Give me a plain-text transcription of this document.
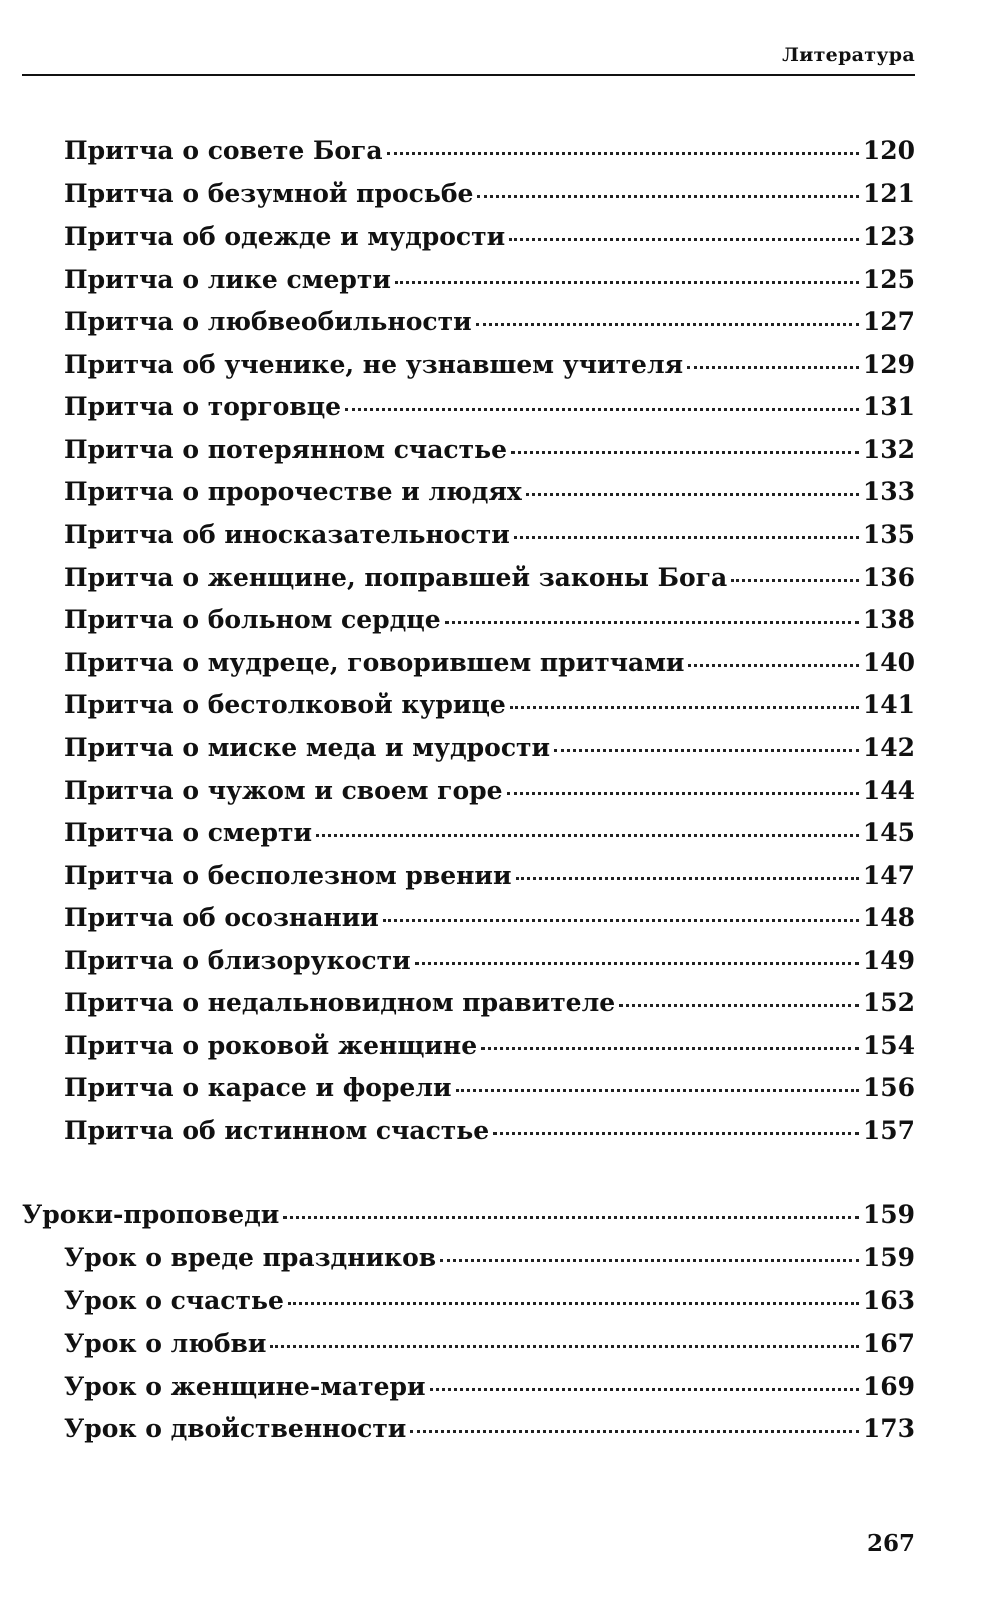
Литература
Притча о совете Бога	120
Притча о безумной просьбе	121
Притча об одежде и мудрости	123
Притча о лике смерти	125
Притча о любвеобильности	127
Притча об ученике, не узнавшем учителя	129
Притча о торговце	131
Притча о потерянном счастье	132
Притча о пророчестве и людях	133
Притча об иносказательности	135
Притча о женщине, поправшей законы Бога	136
Притча о больном сердце	138
Притча о мудреце, говорившем притчами	140
Притча о бестолковой курице	141
Притча о миске меда и мудрости	142
Притча о чужом и своем горе	144
Притча о смерти	145
Притча о бесполезном рвении	147
Притча об осознании	148
Притча о близорукости	149
Притча о недальновидном правителе	152
Притча о роковой женщине	154
Притча о карасе и форели	156
Притча об истинном счастье	157
Уроки-проповеди	159
Урок о вреде праздников	159
Урок о счастье	163
Урок о любви	167
Урок о женщине-матери	169
Урок о двойственности	173
267
